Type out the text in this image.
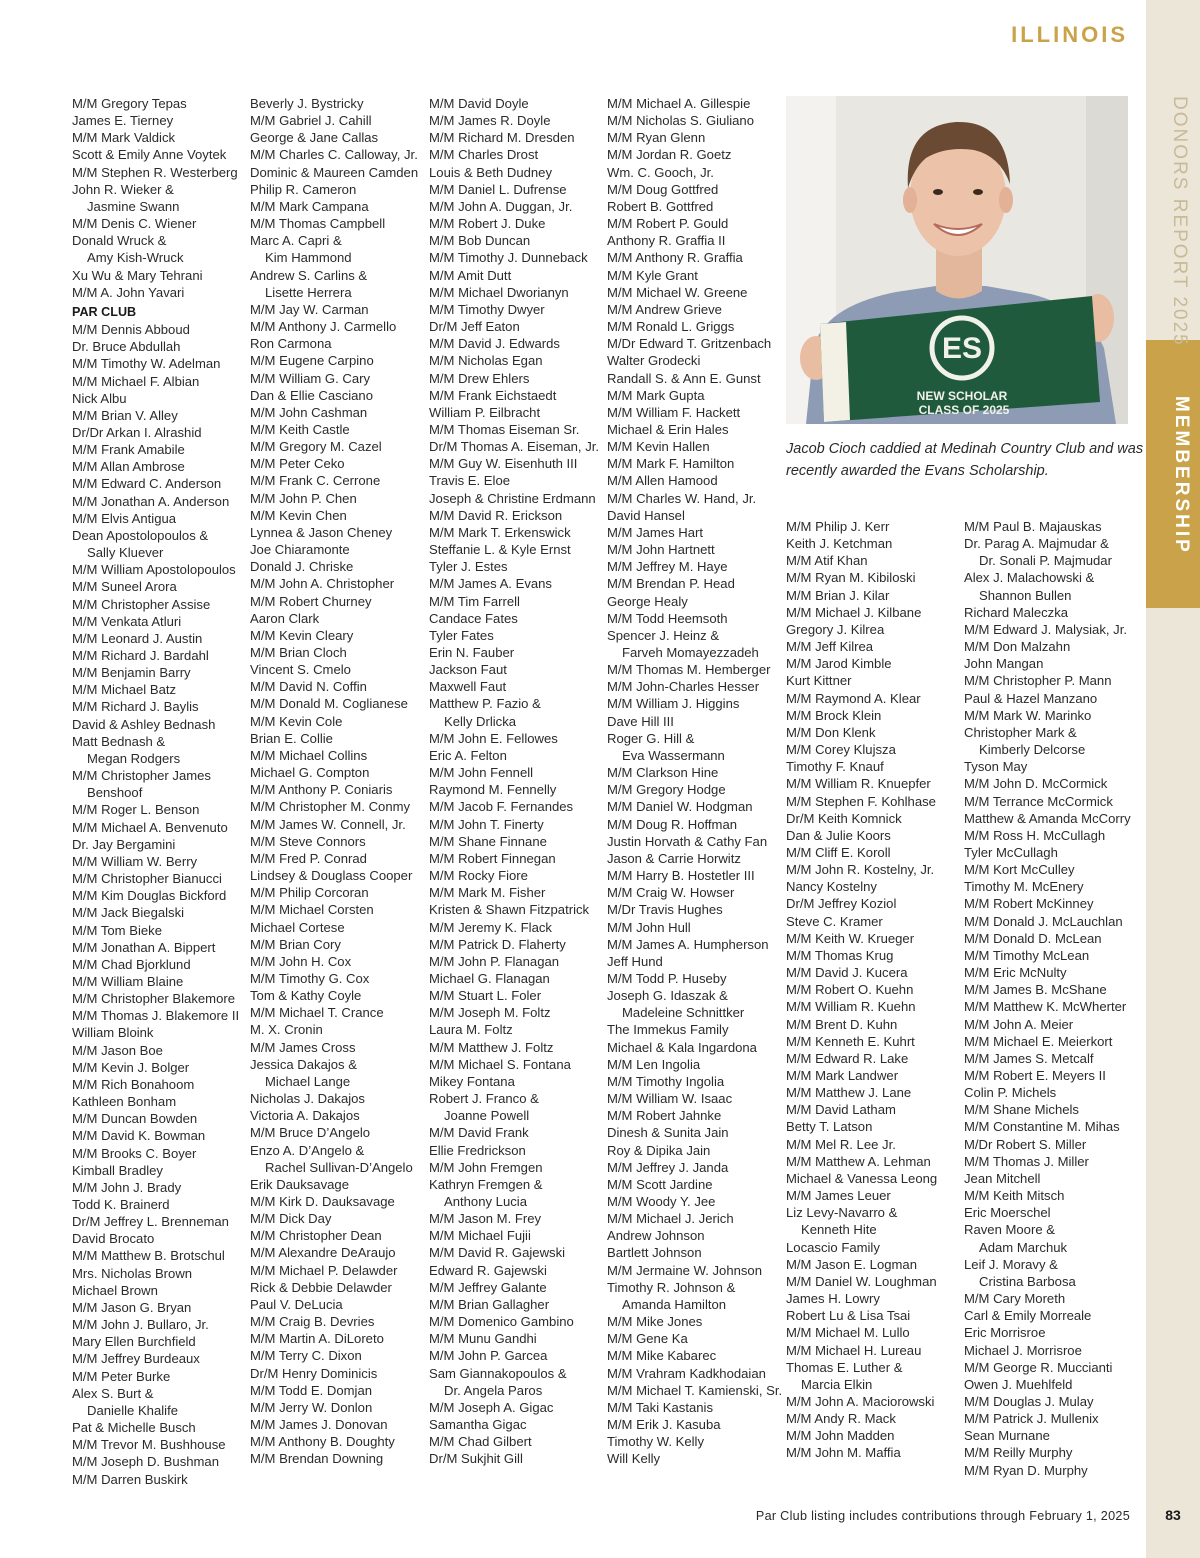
ILLINOIS
DONORS REPORT 2025
MEMBERSHIP
M/M Gregory Tepas
James E. Tierney
M/M Mark Valdick
Scott & Emily Anne Voytek
M/M Stephen R. Westerberg
John R. Wieker &
Jasmine Swann
M/M Denis C. Wiener
Donald Wruck &
Amy Kish-Wruck
Xu Wu & Mary Tehrani
M/M A. John Yavari
PAR CLUB
M/M Dennis Abboud
Dr. Bruce Abdullah
M/M Timothy W. Adelman
M/M Michael F. Albian
Nick Albu
M/M Brian V. Alley
Dr/Dr Arkan I. Alrashid
M/M Frank Amabile
M/M Allan Ambrose
M/M Edward C. Anderson
M/M Jonathan A. Anderson
M/M Elvis Antigua
Dean Apostolopoulos &
Sally Kluever
M/M William Apostolopoulos
M/M Suneel Arora
M/M Christopher Assise
M/M Venkata Atluri
M/M Leonard J. Austin
M/M Richard J. Bardahl
M/M Benjamin Barry
M/M Michael Batz
M/M Richard J. Baylis
David & Ashley Bednash
Matt Bednash &
Megan Rodgers
M/M Christopher James
Benshoof
M/M Roger L. Benson
M/M Michael A. Benvenuto
Dr. Jay Bergamini
M/M William W. Berry
M/M Christopher Bianucci
M/M Kim Douglas Bickford
M/M Jack Biegalski
M/M Tom Bieke
M/M Jonathan A. Bippert
M/M Chad Bjorklund
M/M William Blaine
M/M Christopher Blakemore
M/M Thomas J. Blakemore II
William Bloink
M/M Jason Boe
M/M Kevin J. Bolger
M/M Rich Bonahoom
Kathleen Bonham
M/M Duncan Bowden
M/M David K. Bowman
M/M Brooks C. Boyer
Kimball Bradley
M/M John J. Brady
Todd K. Brainerd
Dr/M Jeffrey L. Brenneman
David Brocato
M/M Matthew B. Brotschul
Mrs. Nicholas Brown
Michael Brown
M/M Jason G. Bryan
M/M John J. Bullaro, Jr.
Mary Ellen Burchfield
M/M Jeffrey Burdeaux
M/M Peter Burke
Alex S. Burt &
Danielle Khalife
Pat & Michelle Busch
M/M Trevor M. Bushhouse
M/M Joseph D. Bushman
M/M Darren Buskirk
Beverly J. Bystricky
M/M Gabriel J. Cahill
George & Jane Callas
M/M Charles C. Calloway, Jr.
Dominic & Maureen Camden
Philip R. Cameron
M/M Mark Campana
M/M Thomas Campbell
Marc A. Capri &
Kim Hammond
Andrew S. Carlins &
Lisette Herrera
M/M Jay W. Carman
M/M Anthony J. Carmello
Ron Carmona
M/M Eugene Carpino
M/M William G. Cary
Dan & Ellie Casciano
M/M John Cashman
M/M Keith Castle
M/M Gregory M. Cazel
M/M Peter Ceko
M/M Frank C. Cerrone
M/M John P. Chen
M/M Kevin Chen
Lynnea & Jason Cheney
Joe Chiaramonte
Donald J. Chriske
M/M John A. Christopher
M/M Robert Churney
Aaron Clark
M/M Kevin Cleary
M/M Brian Cloch
Vincent S. Cmelo
M/M David N. Coffin
M/M Donald M. Coglianese
M/M Kevin Cole
Brian E. Collie
M/M Michael Collins
Michael G. Compton
M/M Anthony P. Coniaris
M/M Christopher M. Conmy
M/M James W. Connell, Jr.
M/M Steve Connors
M/M Fred P. Conrad
Lindsey & Douglass Cooper
M/M Philip Corcoran
M/M Michael Corsten
Michael Cortese
M/M Brian Cory
M/M John H. Cox
M/M Timothy G. Cox
Tom & Kathy Coyle
M/M Michael T. Crance
M. X. Cronin
M/M James Cross
Jessica Dakajos &
Michael Lange
Nicholas J. Dakajos
Victoria A. Dakajos
M/M Bruce D’Angelo
Enzo A. D’Angelo &
Rachel Sullivan-D’Angelo
Erik Dauksavage
M/M Kirk D. Dauksavage
M/M Dick Day
M/M Christopher Dean
M/M Alexandre DeAraujo
M/M Michael P. Delawder
Rick & Debbie Delawder
Paul V. DeLucia
M/M Craig B. Devries
M/M Martin A. DiLoreto
M/M Terry C. Dixon
Dr/M Henry Dominicis
M/M Todd E. Domjan
M/M Jerry W. Donlon
M/M James J. Donovan
M/M Anthony B. Doughty
M/M Brendan Downing
M/M David Doyle
M/M James R. Doyle
M/M Richard M. Dresden
M/M Charles Drost
Louis & Beth Dudney
M/M Daniel L. Dufrense
M/M John A. Duggan, Jr.
M/M Robert J. Duke
M/M Bob Duncan
M/M Timothy J. Dunneback
M/M Amit Dutt
M/M Michael Dworianyn
M/M Timothy Dwyer
Dr/M Jeff Eaton
M/M David J. Edwards
M/M Nicholas Egan
M/M Drew Ehlers
M/M Frank Eichstaedt
William P. Eilbracht
M/M Thomas Eiseman Sr.
Dr/M Thomas A. Eiseman, Jr.
M/M Guy W. Eisenhuth III
Travis E. Eloe
Joseph & Christine Erdmann
M/M David R. Erickson
M/M Mark T. Erkenswick
Steffanie L. & Kyle Ernst
Tyler J. Estes
M/M James A. Evans
M/M Tim Farrell
Candace Fates
Tyler Fates
Erin N. Fauber
Jackson Faut
Maxwell Faut
Matthew P. Fazio &
Kelly Drlicka
M/M John E. Fellowes
Eric A. Felton
M/M John Fennell
Raymond M. Fennelly
M/M Jacob F. Fernandes
M/M John T. Finerty
M/M Shane Finnane
M/M Robert Finnegan
M/M Rocky Fiore
M/M Mark M. Fisher
Kristen & Shawn Fitzpatrick
M/M Jeremy K. Flack
M/M Patrick D. Flaherty
M/M John P. Flanagan
Michael G. Flanagan
M/M Stuart L. Foler
M/M Joseph M. Foltz
Laura M. Foltz
M/M Matthew J. Foltz
M/M Michael S. Fontana
Mikey Fontana
Robert J. Franco &
Joanne Powell
M/M David Frank
Ellie Fredrickson
M/M John Fremgen
Kathryn Fremgen &
Anthony Lucia
M/M Jason M. Frey
M/M Michael Fujii
M/M David R. Gajewski
Edward R. Gajewski
M/M Jeffrey Galante
M/M Brian Gallagher
M/M Domenico Gambino
M/M Munu Gandhi
M/M John P. Garcea
Sam Giannakopoulos &
Dr. Angela Paros
M/M Joseph A. Gigac
Samantha Gigac
M/M Chad Gilbert
Dr/M Sukjhit Gill
M/M Michael A. Gillespie
M/M Nicholas S. Giuliano
M/M Ryan Glenn
M/M Jordan R. Goetz
Wm. C. Gooch, Jr.
M/M Doug Gottfred
Robert B. Gottfred
M/M Robert P. Gould
Anthony R. Graffia II
M/M Anthony R. Graffia
M/M Kyle Grant
M/M Michael W. Greene
M/M Andrew Grieve
M/M Ronald L. Griggs
M/Dr Edward T. Gritzenbach
Walter Grodecki
Randall S. & Ann E. Gunst
M/M Mark Gupta
M/M William F. Hackett
Michael & Erin Hales
M/M Kevin Hallen
M/M Mark F. Hamilton
M/M Allen Hamood
M/M Charles W. Hand, Jr.
David Hansel
M/M James Hart
M/M John Hartnett
M/M Jeffrey M. Haye
M/M Brendan P. Head
George Healy
M/M Todd Heemsoth
Spencer J. Heinz &
Farveh Momayezzadeh
M/M Thomas M. Hemberger
M/M John-Charles Hesser
M/M William J. Higgins
Dave Hill III
Roger G. Hill &
Eva Wassermann
M/M Clarkson Hine
M/M Gregory Hodge
M/M Daniel W. Hodgman
M/M Doug R. Hoffman
Justin Horvath & Cathy Fan
Jason & Carrie Horwitz
M/M Harry B. Hostetler III
M/M Craig W. Howser
M/Dr Travis Hughes
M/M John Hull
M/M James A. Humpherson
Jeff Hund
M/M Todd P. Huseby
Joseph G. Idaszak &
Madeleine Schnittker
The Immekus Family
Michael & Kala Ingardona
M/M Len Ingolia
M/M Timothy Ingolia
M/M William W. Isaac
M/M Robert Jahnke
Dinesh & Sunita Jain
Roy & Dipika Jain
M/M Jeffrey J. Janda
M/M Scott Jardine
M/M Woody Y. Jee
M/M Michael J. Jerich
Andrew Johnson
Bartlett Johnson
M/M Jermaine W. Johnson
Timothy R. Johnson &
Amanda Hamilton
M/M Mike Jones
M/M Gene Ka
M/M Mike Kabarec
M/M Vrahram Kadkhodaian
M/M Michael T. Kamienski, Sr.
M/M Taki Kastanis
M/M Erik J. Kasuba
Timothy W. Kelly
Will Kelly
ES
NEW SCHOLAR
CLASS OF 2025
Jacob Cioch caddied at Medinah Country Club and was recently awarded the Evans Scholarship.
M/M Philip J. Kerr
Keith J. Ketchman
M/M Atif Khan
M/M Ryan M. Kibiloski
M/M Brian J. Kilar
M/M Michael J. Kilbane
Gregory J. Kilrea
M/M Jeff Kilrea
M/M Jarod Kimble
Kurt Kittner
M/M Raymond A. Klear
M/M Brock Klein
M/M Don Klenk
M/M Corey Klujsza
Timothy F. Knauf
M/M William R. Knuepfer
M/M Stephen F. Kohlhase
Dr/M Keith Komnick
Dan & Julie Koors
M/M Cliff E. Koroll
M/M John R. Kostelny, Jr.
Nancy Kostelny
Dr/M Jeffrey Koziol
Steve C. Kramer
M/M Keith W. Krueger
M/M Thomas Krug
M/M David J. Kucera
M/M Robert O. Kuehn
M/M William R. Kuehn
M/M Brent D. Kuhn
M/M Kenneth E. Kuhrt
M/M Edward R. Lake
M/M Mark Landwer
M/M Matthew J. Lane
M/M David Latham
Betty T. Latson
M/M Mel R. Lee Jr.
M/M Matthew A. Lehman
Michael & Vanessa Leong
M/M James Leuer
Liz Levy-Navarro &
Kenneth Hite
Locascio Family
M/M Jason E. Logman
M/M Daniel W. Loughman
James H. Lowry
Robert Lu & Lisa Tsai
M/M Michael M. Lullo
M/M Michael H. Lureau
Thomas E. Luther &
Marcia Elkin
M/M John A. Maciorowski
M/M Andy R. Mack
M/M John Madden
M/M John M. Maffia
M/M Paul B. Majauskas
Dr. Parag A. Majmudar &
Dr. Sonali P. Majmudar
Alex J. Malachowski &
Shannon Bullen
Richard Maleczka
M/M Edward J. Malysiak, Jr.
M/M Don Malzahn
John Mangan
M/M Christopher P. Mann
Paul & Hazel Manzano
M/M Mark W. Marinko
Christopher Mark &
Kimberly Delcorse
Tyson May
M/M John D. McCormick
M/M Terrance McCormick
Matthew & Amanda McCorry
M/M Ross H. McCullagh
Tyler McCullagh
M/M Kort McCulley
Timothy M. McEnery
M/M Robert McKinney
M/M Donald J. McLauchlan
M/M Donald D. McLean
M/M Timothy McLean
M/M Eric McNulty
M/M James B. McShane
M/M Matthew K. McWherter
M/M John A. Meier
M/M Michael E. Meierkort
M/M James S. Metcalf
M/M Robert E. Meyers II
Colin P. Michels
M/M Shane Michels
M/M Constantine M. Mihas
M/Dr Robert S. Miller
M/M Thomas J. Miller
Jean Mitchell
M/M Keith Mitsch
Eric Moerschel
Raven Moore &
Adam Marchuk
Leif J. Moravy &
Cristina Barbosa
M/M Cary Moreth
Carl & Emily Morreale
Eric Morrisroe
Michael J. Morrisroe
M/M George R. Muccianti
Owen J. Muehlfeld
M/M Douglas J. Mulay
M/M Patrick J. Mullenix
Sean Murnane
M/M Reilly Murphy
M/M Ryan D. Murphy
Par Club listing includes contributions through February 1, 2025	83
